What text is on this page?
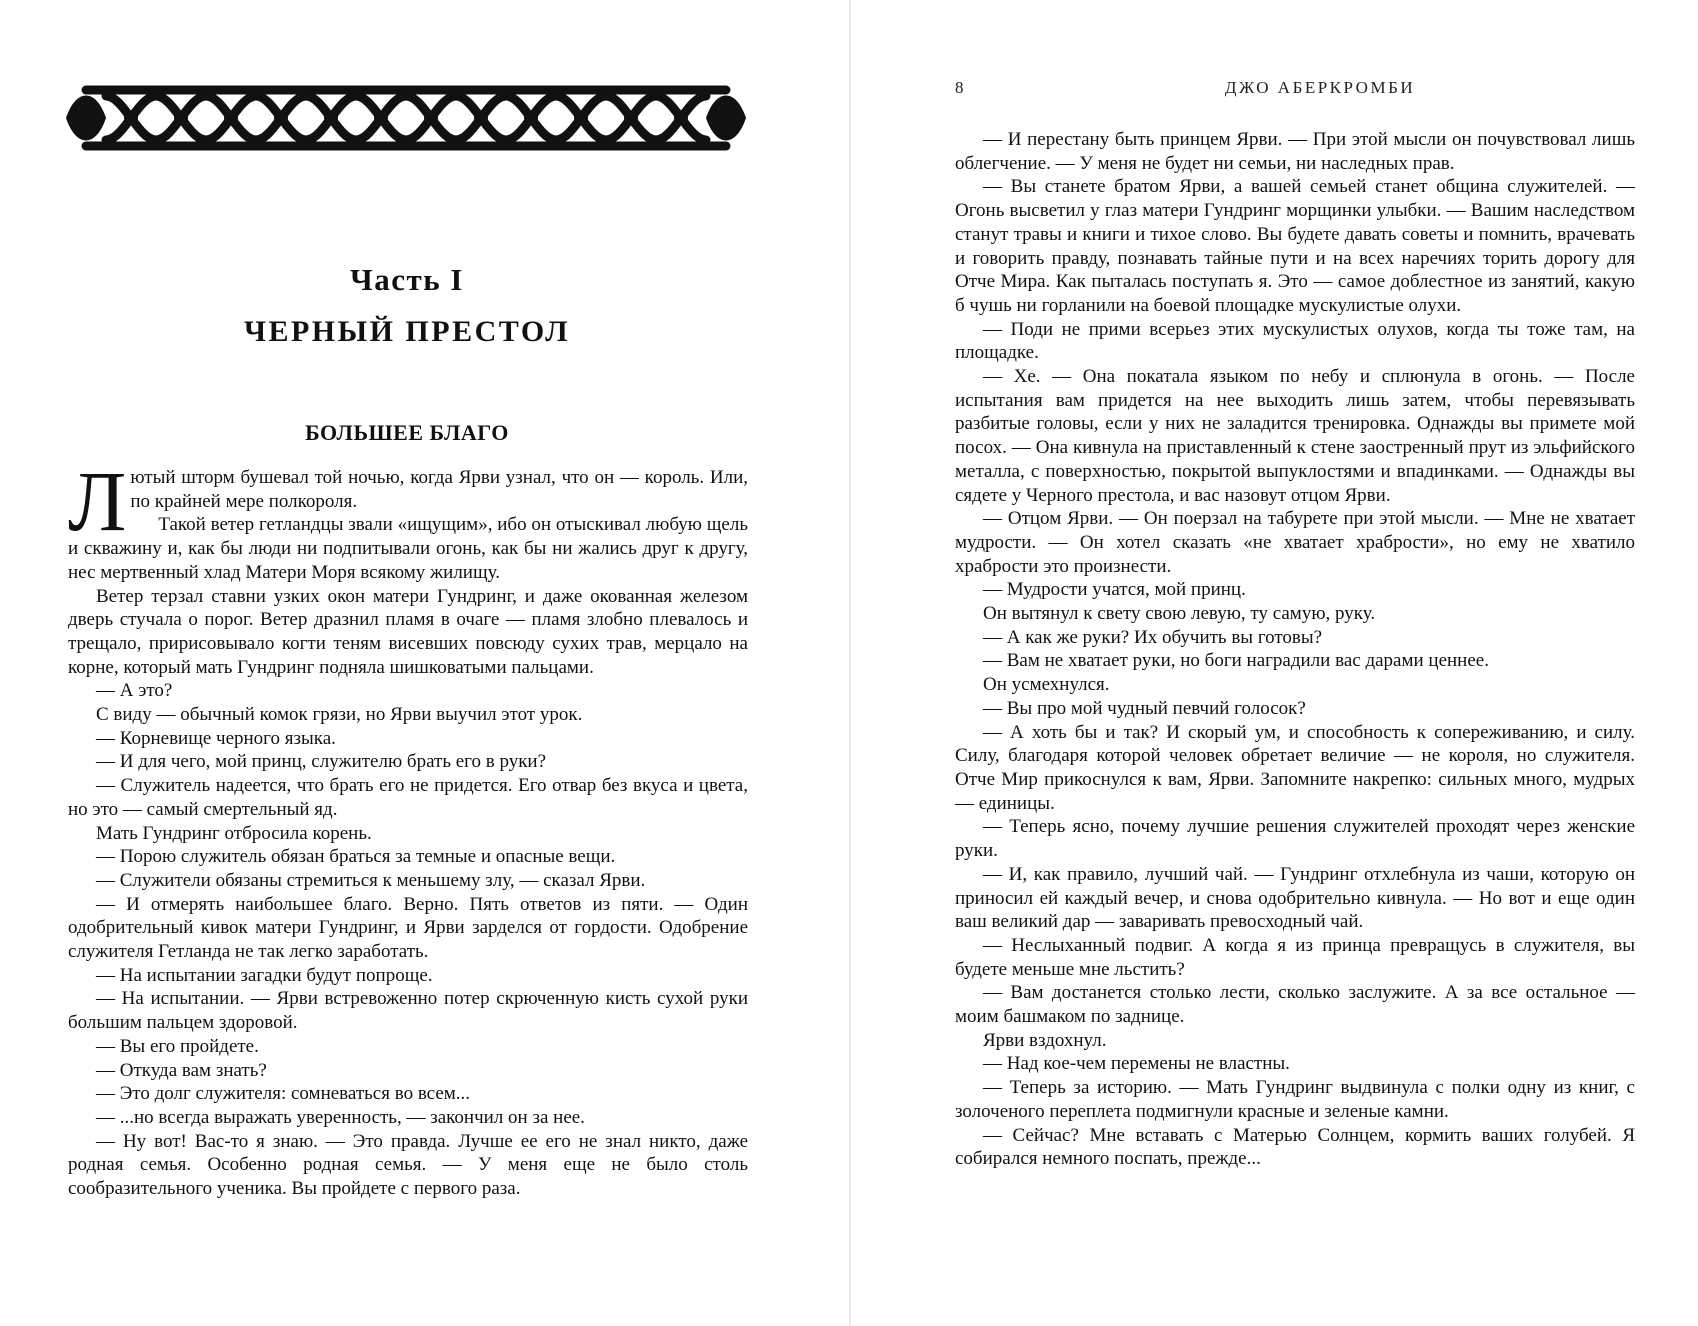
Часть I
ЧЕРНЫЙ ПРЕСТОЛ
БОЛЬШЕЕ БЛАГО

Лютый шторм бушевал той ночью, когда Ярви узнал, что он — король. Или, по крайней мере полкороля.

Такой ветер гетландцы звали «ищущим», ибо он отыскивал любую щель и скважину и, как бы люди ни подпитывали огонь, как бы ни жались друг к другу, нес мертвенный хлад Матери Моря всякому жилищу.

Ветер терзал ставни узких окон матери Гундринг, и даже окованная железом дверь стучала о порог. Ветер дразнил пламя в очаге — пламя злобно плевалось и трещало, пририсовывало когти теням висевших повсюду сухих трав, мерцало на корне, который мать Гундринг подняла шишковатыми пальцами.

— А это?

С виду — обычный комок грязи, но Ярви выучил этот урок.

— Корневище черного языка.

— И для чего, мой принц, служителю брать его в руки?

— Служитель надеется, что брать его не придется. Его отвар без вкуса и цвета, но это — самый смертельный яд.

Мать Гундринг отбросила корень.

— Порою служитель обязан браться за темные и опасные вещи.

— Служители обязаны стремиться к меньшему злу, — сказал Ярви.

— И отмерять наибольшее благо. Верно. Пять ответов из пяти. — Один одобрительный кивок матери Гундринг, и Ярви зарделся от гордости. Одобрение служителя Гетланда не так легко заработать.

— На испытании загадки будут попроще.

— На испытании. — Ярви встревоженно потер скрюченную кисть сухой руки большим пальцем здоровой.

— Вы его пройдете.

— Откуда вам знать?

— Это долг служителя: сомневаться во всем...

— ...но всегда выражать уверенность, — закончил он за нее.

— Ну вот! Вас-то я знаю. — Это правда. Лучше ее его не знал никто, даже родная семья. Особенно родная семья. — У меня еще не было столь сообразительного ученика. Вы пройдете с первого раза.

8	ДЖО АБЕРКРОМБИ

— И перестану быть принцем Ярви. — При этой мысли он почувствовал лишь облегчение. — У меня не будет ни семьи, ни наследных прав.

— Вы станете братом Ярви, а вашей семьей станет община служителей. — Огонь высветил у глаз матери Гундринг морщинки улыбки. — Вашим наследством станут травы и книги и тихое слово. Вы будете давать советы и помнить, врачевать и говорить правду, познавать тайные пути и на всех наречиях торить дорогу для Отче Мира. Как пыталась поступать я. Это — самое доблестное из занятий, какую б чушь ни горланили на боевой площадке мускулистые олухи.

— Поди не прими всерьез этих мускулистых олухов, когда ты тоже там, на площадке.

— Хе. — Она покатала языком по небу и сплюнула в огонь. — После испытания вам придется на нее выходить лишь затем, чтобы перевязывать разбитые головы, если у них не заладится тренировка. Однажды вы примете мой посох. — Она кивнула на приставленный к стене заостренный прут из эльфийского металла, с поверхностью, покрытой выпуклостями и впадинками. — Однажды вы сядете у Черного престола, и вас назовут отцом Ярви.

— Отцом Ярви. — Он поерзал на табурете при этой мысли. — Мне не хватает мудрости. — Он хотел сказать «не хватает храбрости», но ему не хватило храбрости это произнести.

— Мудрости учатся, мой принц.

Он вытянул к свету свою левую, ту самую, руку.

— А как же руки? Их обучить вы готовы?

— Вам не хватает руки, но боги наградили вас дарами ценнее.

Он усмехнулся.

— Вы про мой чудный певчий голосок?

— А хоть бы и так? И скорый ум, и способность к сопереживанию, и силу. Силу, благодаря которой человек обретает величие — не короля, но служителя. Отче Мир прикоснулся к вам, Ярви. Запомните накрепко: сильных много, мудрых — единицы.

— Теперь ясно, почему лучшие решения служителей проходят через женские руки.

— И, как правило, лучший чай. — Гундринг отхлебнула из чаши, которую он приносил ей каждый вечер, и снова одобрительно кивнула. — Но вот и еще один ваш великий дар — заваривать превосходный чай.

— Неслыханный подвиг. А когда я из принца превращусь в служителя, вы будете меньше мне льстить?

— Вам достанется столько лести, сколько заслужите. А за все остальное — моим башмаком по заднице.

Ярви вздохнул.

— Над кое-чем перемены не властны.

— Теперь за историю. — Мать Гундринг выдвинула с полки одну из книг, с золоченого переплета подмигнули красные и зеленые камни.

— Сейчас? Мне вставать с Матерью Солнцем, кормить ваших голубей. Я собирался немного поспать, прежде...
